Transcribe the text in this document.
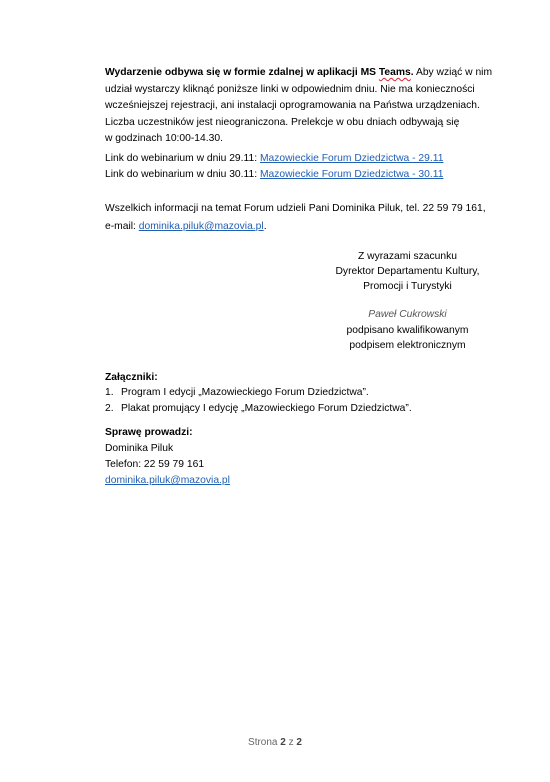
Wydarzenie odbywa się w formie zdalnej w aplikacji MS Teams. Aby wziąć w nim
udział wystarczy kliknąć poniższe linki w odpowiednim dniu. Nie ma konieczności
wcześniejszej rejestracji, ani instalacji oprogramowania na Państwa urządzeniach.
Liczba uczestników jest nieograniczona. Prelekcje w obu dniach odbywają się
w godzinach 10:00-14.30.
Link do webinarium w dniu 29.11: Mazowieckie Forum Dziedzictwa - 29.11
Link do webinarium w dniu 30.11: Mazowieckie Forum Dziedzictwa - 30.11
Wszelkich informacji na temat Forum udzieli Pani Dominika Piluk, tel. 22 59 79 161,
e-mail: dominika.piluk@mazovia.pl.
Z wyrazami szacunku
Dyrektor Departamentu Kultury,
Promocji i Turystyki
Paweł Cukrowski
podpisano kwalifikowanym
podpisem elektronicznym
Załączniki:
1. Program I edycji „Mazowieckiego Forum Dziedzictwa”.
2. Plakat promujący I edycję „Mazowieckiego Forum Dziedzictwa”.
Sprawę prowadzi:
Dominika Piluk
Telefon: 22 59 79 161
dominika.piluk@mazovia.pl
Strona 2 z 2
